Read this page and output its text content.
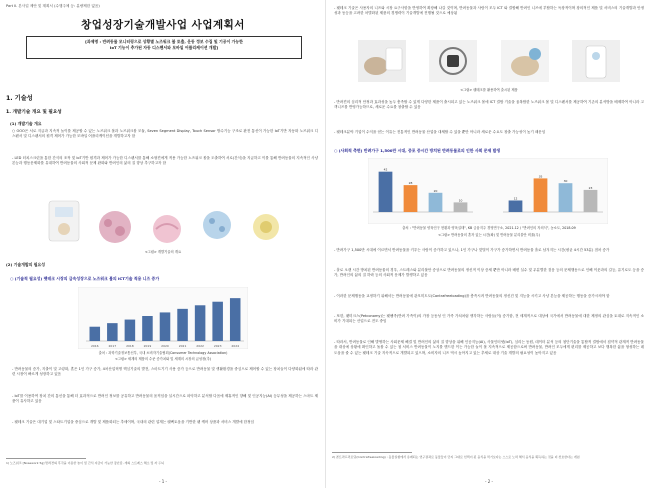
Part Ⅱ. 본사업 제안 및 계획서 (수행주체 등: 분량제한 없음)
창업성장기술개발사업 사업계획서
[과제명 : 반려동물 모니터링으로 상황별 노즈워크 볼 토출, 운동 정보 수집 및 기공이 가능한
IoT 기능이 추가된 자동 디스펜서와 모바일 어플리케이션 개발]
1. 기술성
1. 개발기술 개요 및 필요성
(1) 개발기술 개요
○ OOO은 서로 지급과 지속적 놀이를 제공할 수 있는 노즈워크 볼과 노즈워크볼 모듈, Seven Segment Display, Touch Sensor 방수기능 구조로 완전 통신이 가능한 IoT기반 자동화 노즈워크 디스펜서 및 디스펜서의 원격 제어가 가능한 모바일 어플리케이션을 개발하고자 함
- LED 터치스크린을 통한 간식의 조작 및 IoT기반 원격과 제어가 가능한 디스펜서를 통해 소형견에게 적용 가능한 노즈워크 볼을 도출하여 서로(간식)을 지급하고 이를 통해 반려동물의 지속적인 사냥본능과 행동문제화를 유대하여 반려동물의 사회적 문제 완화와 반려인의 삶의 질 향상 추구하고자 함
<그림> 개발기술의 개요
(2) 기술개발의 필요성
○ (기술적 필요성) 펫테크 시장의 급속성장으로 노즈워크 볼의 ICT기술 적용 니즈 증가
2016	2017	2018	2019	2020	2021	2022	2023	2024
출처 : 과학기술정보통신부, 국내 소비자기술협회(Consumer Technology Association)
<그림> 세계의 제품의 수준 증가치와 및 세계의 시장의 급성장(추)
- 반려동물의 증가, 지출이 및 고령화, 혼은 1인 가구 증가, 4차산업혁명 핵심기술의 발전, 스마트기기 사용 증가 등으로 반려동물 및 생활환경을 중심으로 제어할 수 있는 장치들이 다양화됨에 따라 관련 시장이 빠르게 성장하고 있음
- IoT를 이용하여 장치 간의 통신을 통해 더 효과적으로 반려인 정보를 공유하고 반려동물의 움직임을 실시간으로 파악하고 분석할 다음에 제휴적인 향해 및 인공지능(AI) 등무성을 제공하는 스마트 제품이 유사하고 있음
- 펫테크 기술은 대기업 및 스타트기업을 중심으로 개발 및 제품화되는 추세이며, 국내의 관련 업계는 펫팩토움을 기반한 펫 케어 상품과 서비스 개발에 한정임
1) 노즈워크 [Nosework 5g] 반려견의 후각을 이용한 놀이 및 간식 지급이 가능한 장난감, 개의 스트레스 해소 및 자 두뇌
- 1 -
- 펫테크 기술은 사용자의 니즈와 시장 요구사항을 반영하여 확장해 나갈 것이며, 반려동물과 사람이 모두 ICT 와 결합해 반려인 니즈에 부합하는 독창적이며 창의적인 제품 및 서비스의 기술개발과 안정성과 동등을 고려한 차별화된 제품의 경쟁력이 기술개발에 진행될 것으로 예상됨
<그림> 펫테크를 활용하여 출시된 제품
- 반려견의 심리적 안정과 효과성을 높두 충족할 수 있게 다양한 제품이 출시되고 있는 노즈워크 볼에 ICT 결합 기술을 융복합한 노즈워크 볼 및 디스펜서를 제공하여 기존의 분석방을 배제하여 아니라 고객니즈를 반영가능하므로, 새로운 수요를 창출할 수 있음
- 펫테크분야 기업이 수익을 얻는 이유는 전통적인 반려동물 산업을 대체할 수 있을 뿐만 아니라 새로운 수요도 창출 가능성이 높기 때문임
○ (사회적 측면) 반려가구 1,500만 시대, 증포 증시간 방치된 반려동물로의 인한 사회 문제 발생
42
28
20
10	12
35
30
23
출처 : "반려동물 양육인구 현황과 양육실태", KB 금융지주 경영연구소, 2021.12 / "반려인의 자의식", 농소도, 2018.09
<그림> 반려동물의 혼자 있는 시간(좌) 및 반려동물 분리불안 비율(우)
- 반려가구 1,500만 시대에 이르면서 반려동물을 키우는 사람이 증가하고 있으나, 1인 가구나 맞벌이 가구가 증가하면서 반려동물 홀로 남겨지는 시간(평균 4시간 53분) 점차 증가
- 홀로 오랜 시간 방치된 반려동물의 경우, 스트레스와 분리불안 증상으로 반려동물의 정신적 이상 증세 뿐만 아니라 배변 실수 및 무분별한 짖음 등의 문제행동으로 인해 이웃과의 갈등, 유기로도 등을 증가, 반려인의 삶의 질 하락 등의 사회적 문제가 발생하고 있음
- 이러한 문제행동을 교정하기 위해서는 반려동물에 관모미트도(Contrafreeloading)을 충족시켜 반려동물의 정신건 및 지능을 시키고 사냥 본능을 제공하는 행동을 증가시켜야 함
- 또한, 펫미크스(Petconomy)는 펫팸족(반려 가족이)의 가장 등동성 인 가족 가치처럼 생각하는 사람들(이) 증가함, 전 세계적으로 대상에 국가에서 반려동물에 대한 제정의 관심을 토대로 지속적인 소비가 기대되는 산업으로 전도 중임
- 따라서, 반려동물로 인해 발생하는 사회문제 해결 및 반려인의 삶의 질 향상을 위해 인공지능(AI), 사물인터넷(IoT), 심리는 동원, 데이터 분석 등의 첨단기술을 통합적 결합에서 집약적 관계적 반려동물을 대상에 상황에 확인하고 돌볼 수 있는 첨 서비스 반려동물이 노지를 핸드한 이는 가능한 놀이 볼 지속적으로 제공함으로써 반려동물, 반려인 모두에게 편리를 제공하고 보다 행복한 삶을 형성하는 데 도움을 줄 수 있는 펫테크 기술 지속적으로 개발되고 있으며, 소비자의 니즈 역시 높아지고 있는 추세로 대상 기술 개발의 필요성이 높아지고 있음
2) 콘트라프리로딩(Contrafreeloading) : 동물실험에서 유래되는 연구결과로 동물들이 단지 그대로 선택이 된 음식을 먹기보다는 스스로 노력 해서 음식을 획득하는 것을 더 선호한다는 개념
- 2 -
